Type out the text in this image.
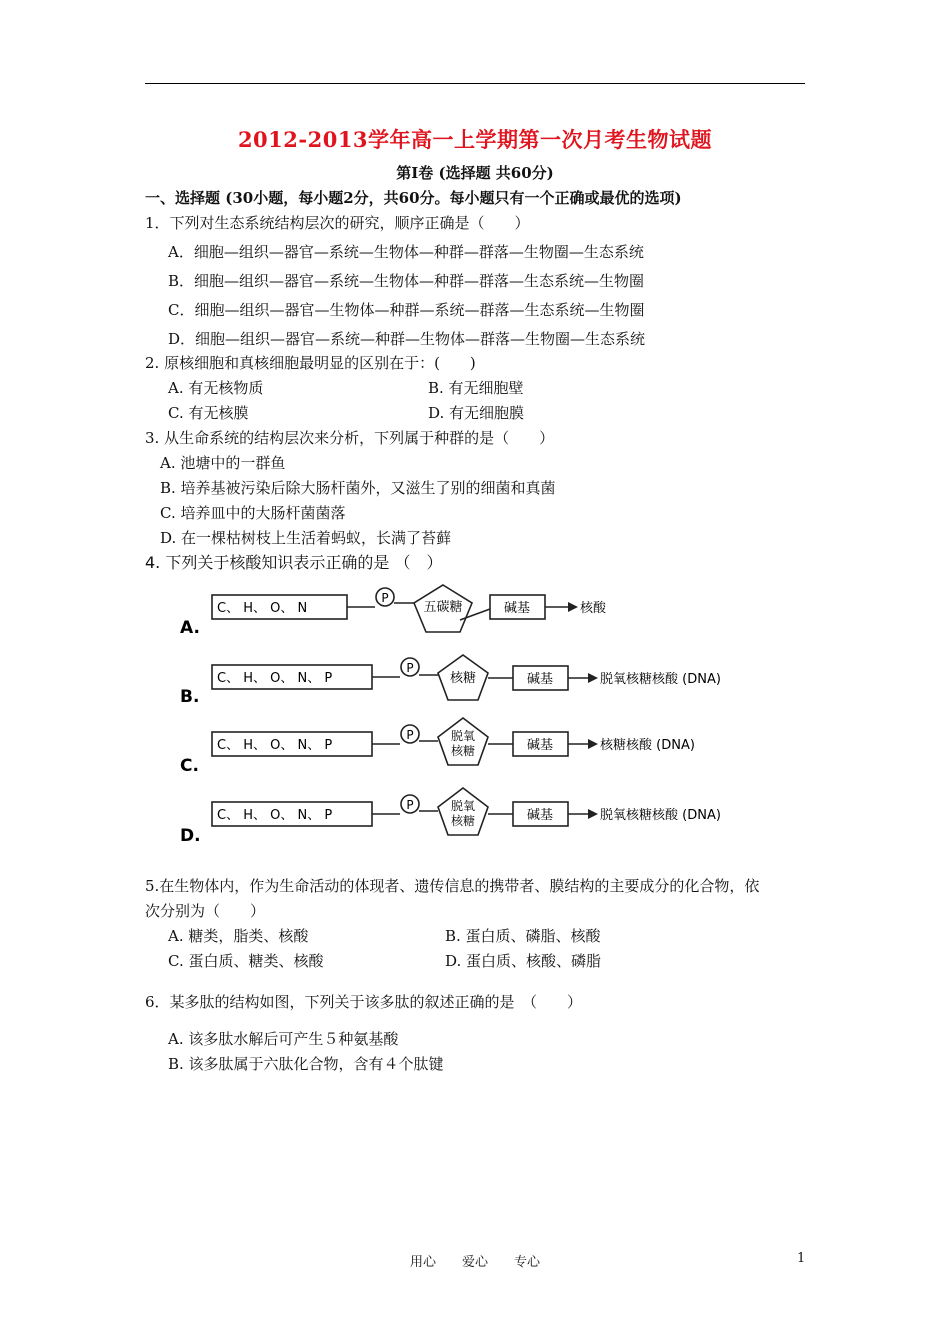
2012-2013学年高一上学期第一次月考生物试题
第Ⅰ卷 (选择题 共60分)
一、选择题 (30小题，每小题2分，共60分。每小题只有一个正确或最优的选项)
1．下列对生态系统结构层次的研究，顺序正确是（　　）
A．细胞—组织—器官—系统—生物体—种群—群落—生物圈—生态系统
B．细胞—组织—器官—系统—生物体—种群—群落—生态系统—生物圈
C．细胞—组织—器官—生物体—种群—系统—群落—生态系统—生物圈
D．细胞—组织—器官—系统—种群—生物体—群落—生物圈—生态系统
2. 原核细胞和真核细胞最明显的区别在于：(　　)
A. 有无核物质	B. 有无细胞壁
C. 有无核膜	D. 有无细胞膜
3. 从生命系统的结构层次来分析，下列属于种群的是（　　）
A. 池塘中的一群鱼
B. 培养基被污染后除大肠杆菌外，又滋生了别的细菌和真菌
C. 培养皿中的大肠杆菌菌落
D. 在一棵枯树枝上生活着蚂蚁，长满了苔藓
4. 下列关于核酸知识表示正确的是 （　）
A.
C、 H、 O、 N
P
五碳糖	碱基	核酸
B.
C、 H、 O、 N、 P
P
核糖	碱基	脱氧核糖核酸 (DNA)
C.
C、 H、 O、 N、 P
P	脱氧
核糖	碱基	核糖核酸 (DNA)
D.
C、 H、 O、 N、 P
P	脱氧
核糖	碱基	脱氧核糖核酸 (DNA)
5.在生物体内，作为生命活动的体现者、遗传信息的携带者、膜结构的主要成分的化合物，依
次分别为（　　）
A. 糖类，脂类、核酸	B. 蛋白质、磷脂、核酸
C. 蛋白质、糖类、核酸	D. 蛋白质、核酸、磷脂
6．某多肽的结构如图，下列关于该多肽的叙述正确的是　（　　）
A. 该多肽水解后可产生５种氨基酸
B. 该多肽属于六肽化合物，含有４个肽键
用心　　爱心　　专心	1
